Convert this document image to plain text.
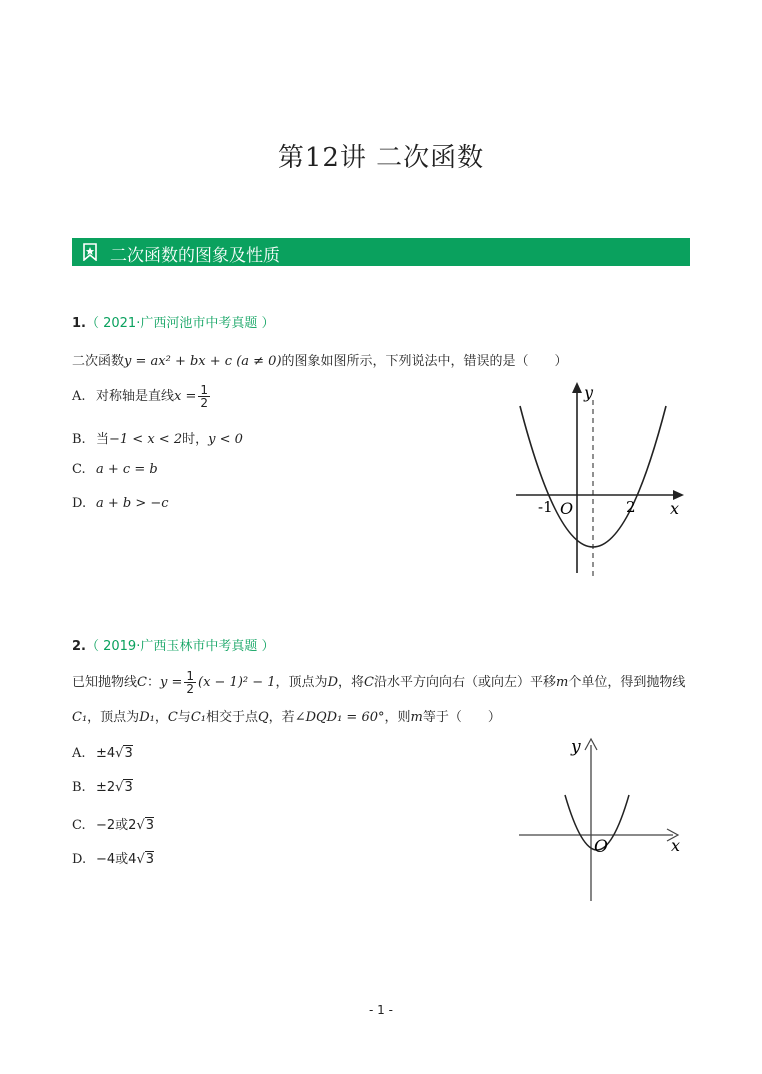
第12讲 二次函数
二次函数的图象及性质
1.（ 2021·广西河池市中考真题 ）
二次函数y = ax² + bx + c (a ≠ 0)的图象如图所示，下列说法中，错误的是（　　）
A. 对称轴是直线$x = \frac{1}{2}$
B. 当−1 < x < 2时，y < 0
C. a + c = b
D. a + b > −c
y
x
O
-1	2
2.（ 2019·广西玉林市中考真题 ）
已知抛物线C：$y = \frac{1}{2} (x - 1)^2 - 1$，顶点为D，将C沿水平方向向右（或向左）平移m个单位，得到抛物线
C₁，顶点为D₁，C与C₁相交于点Q，若∠DQD₁ = 60°，则m等于（　　）
A. ±4√3
B. ±2√3
C. −2或2√3
D. −4或4√3
y
x
O
- 1 -
